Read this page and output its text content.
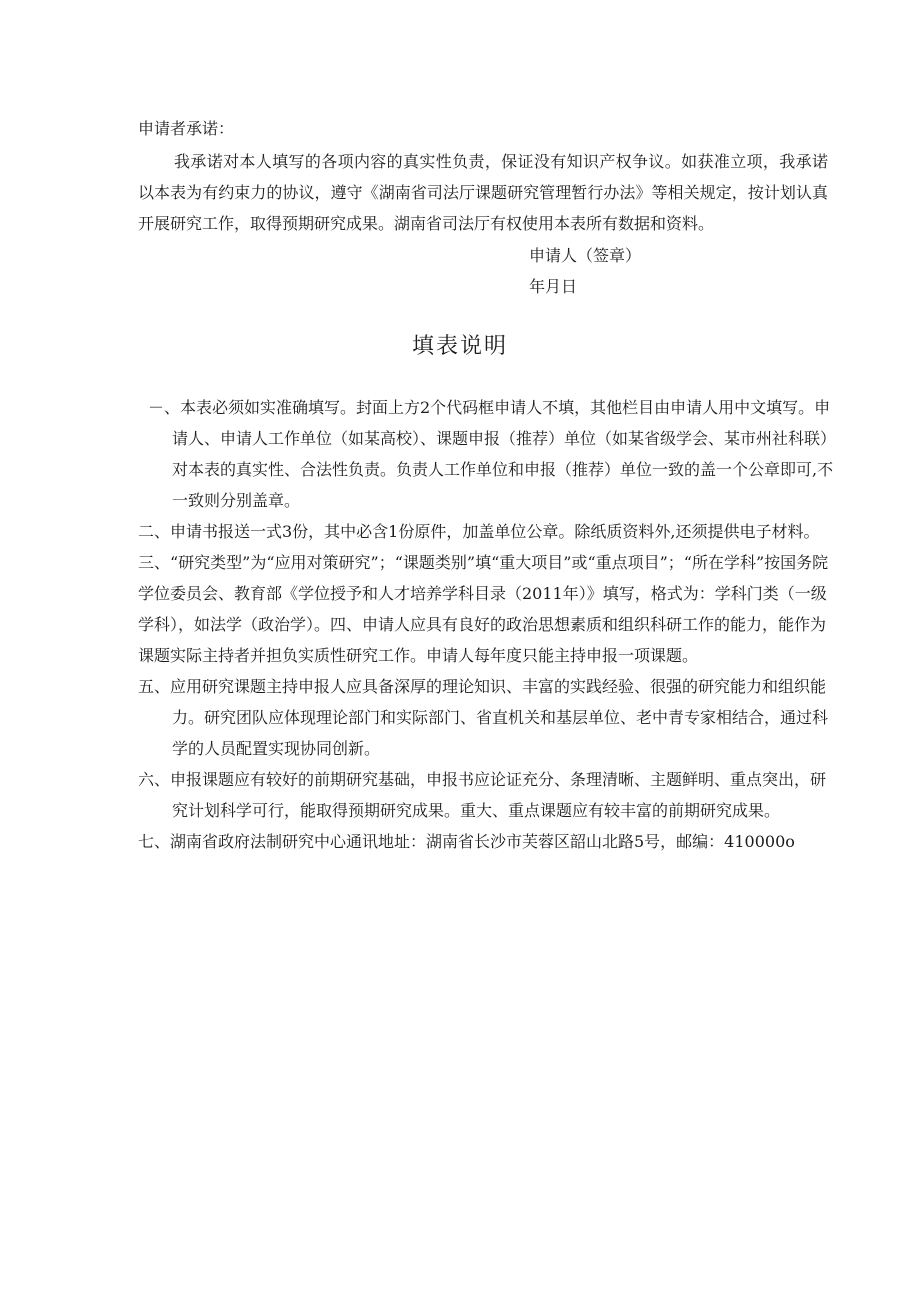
申请者承诺：

我承诺对本人填写的各项内容的真实性负责，保证没有知识产权争议。如获准立项，我承诺以本表为有约束力的协议，遵守《湖南省司法厅课题研究管理暂行办法》等相关规定，按计划认真开展研究工作，取得预期研究成果。湖南省司法厅有权使用本表所有数据和资料。

申请人（签章）
年月日
填表说明

－、本表必须如实准确填写。封面上方2个代码框申请人不填，其他栏目由申请人用中文填写。申请人、申请人工作单位（如某高校）、课题申报（推荐）单位（如某省级学会、某市州社科联）对本表的真实性、合法性负责。负责人工作单位和申报（推荐）单位一致的盖一个公章即可,不一致则分别盖章。

二、申请书报送一式3份，其中必含1份原件，加盖单位公章。除纸质资料外,还须提供电子材料。

三、“研究类型”为“应用对策研究”；“课题类别”填“重大项目”或“重点项目”；“所在学科”按国务院学位委员会、教育部《学位授予和人才培养学科目录（2011年）》填写，格式为：学科门类（一级学科），如法学（政治学）。四、申请人应具有良好的政治思想素质和组织科研工作的能力，能作为课题实际主持者并担负实质性研究工作。申请人每年度只能主持申报一项课题。

五、应用研究课题主持申报人应具备深厚的理论知识、丰富的实践经验、很强的研究能力和组织能力。研究团队应体现理论部门和实际部门、省直机关和基层单位、老中青专家相结合，通过科学的人员配置实现协同创新。

六、申报课题应有较好的前期研究基础，申报书应论证充分、条理清晰、主题鲜明、重点突出，研究计划科学可行，能取得预期研究成果。重大、重点课题应有较丰富的前期研究成果。

七、湖南省政府法制研究中心通讯地址：湖南省长沙市芙蓉区韶山北路5号，邮编：410000o
